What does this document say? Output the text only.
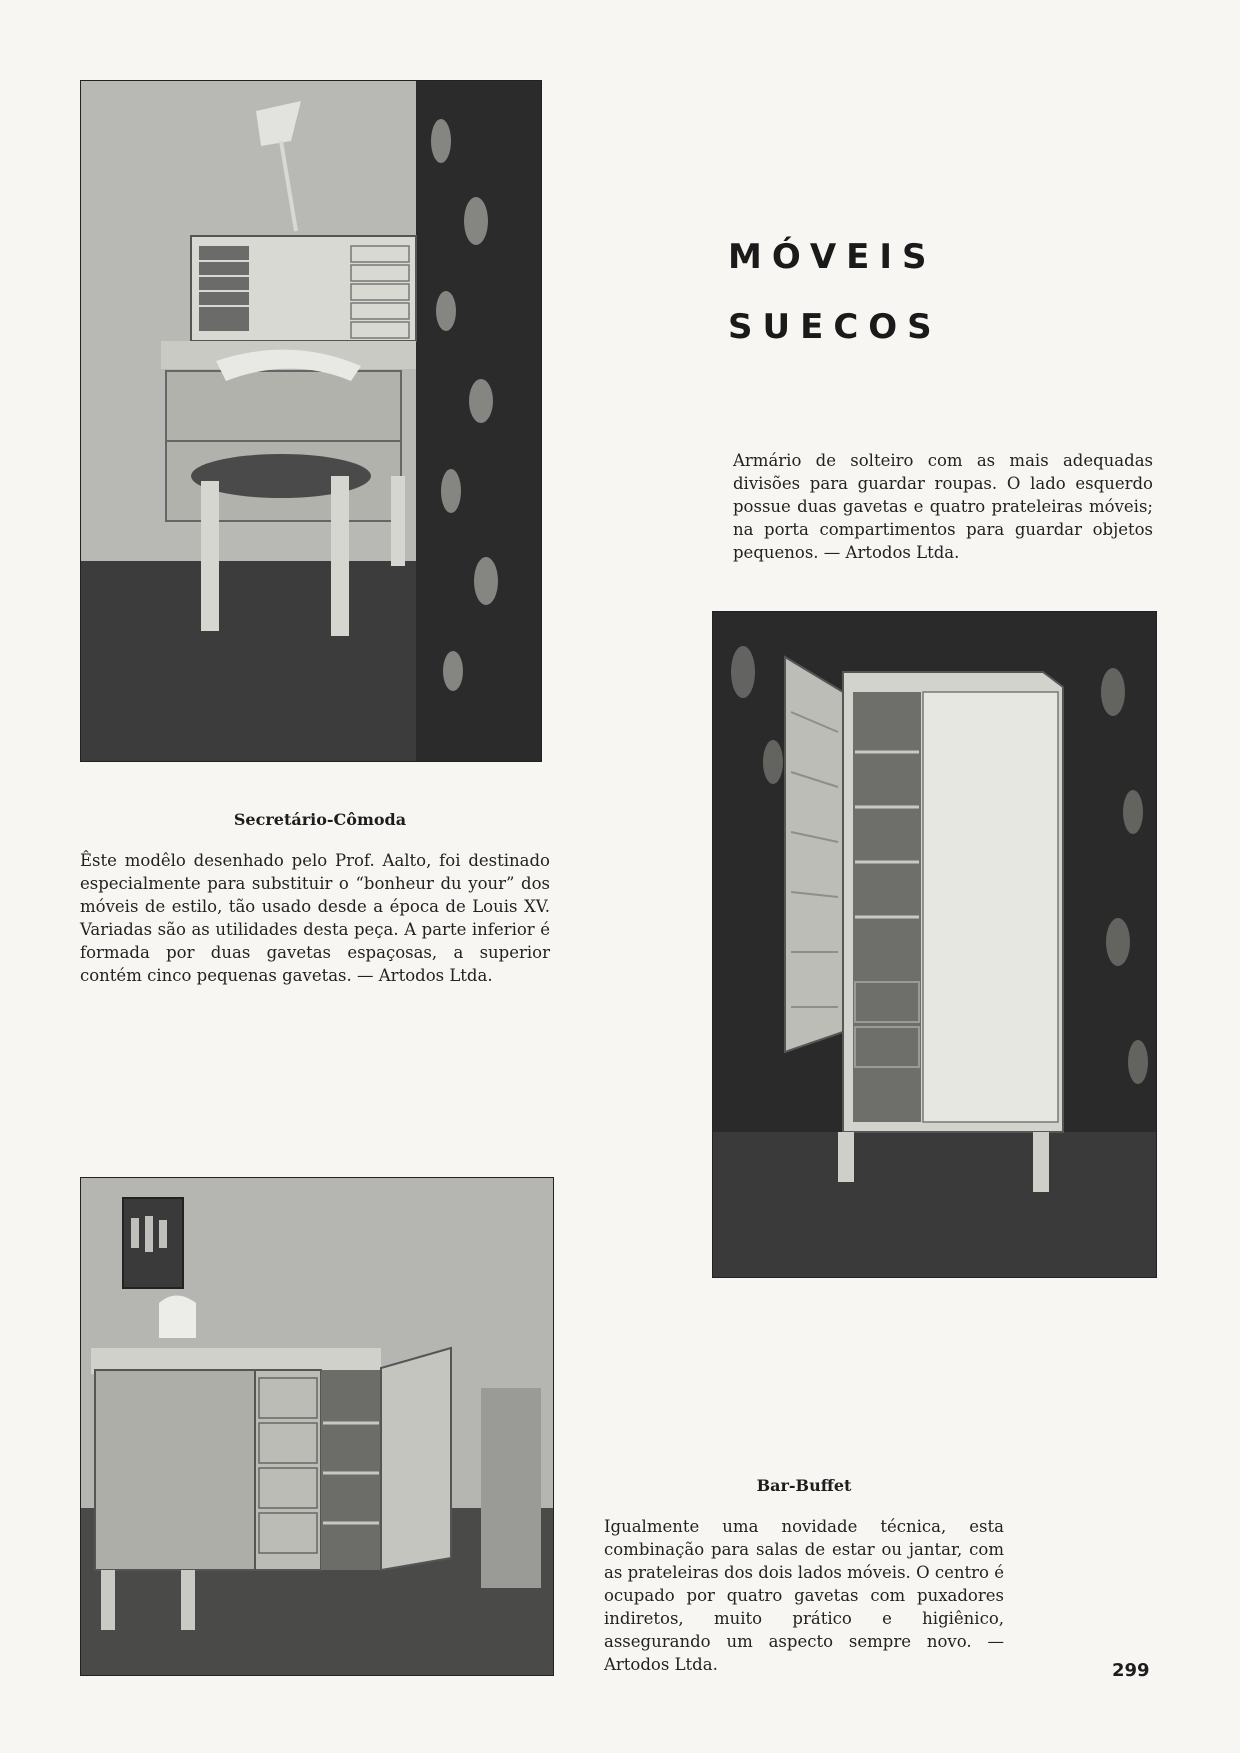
MÓVEIS
SUECOS

Armário de solteiro com as mais adequadas divisões para guardar roupas. O lado esquerdo possue duas gavetas e quatro prateleiras móveis; na porta compartimentos para guardar objetos pequenos. — Artodos Ltda.

Secretário-Cômoda

Êste modêlo desenhado pelo Prof. Aalto, foi destinado especialmente para substituir o “bonheur du your” dos móveis de estilo, tão usado desde a época de Louis XV. Variadas são as utilidades desta peça. A parte inferior é formada por duas gavetas espaçosas, a superior contém cinco pequenas gavetas. — Artodos Ltda.

Bar-Buffet

Igualmente uma novidade técnica, esta combinação para salas de estar ou jantar, com as prateleiras dos dois lados móveis. O centro é ocupado por quatro gavetas com puxadores indiretos, muito prático e higiênico, assegurando um aspecto sempre novo. — Artodos Ltda.	299
